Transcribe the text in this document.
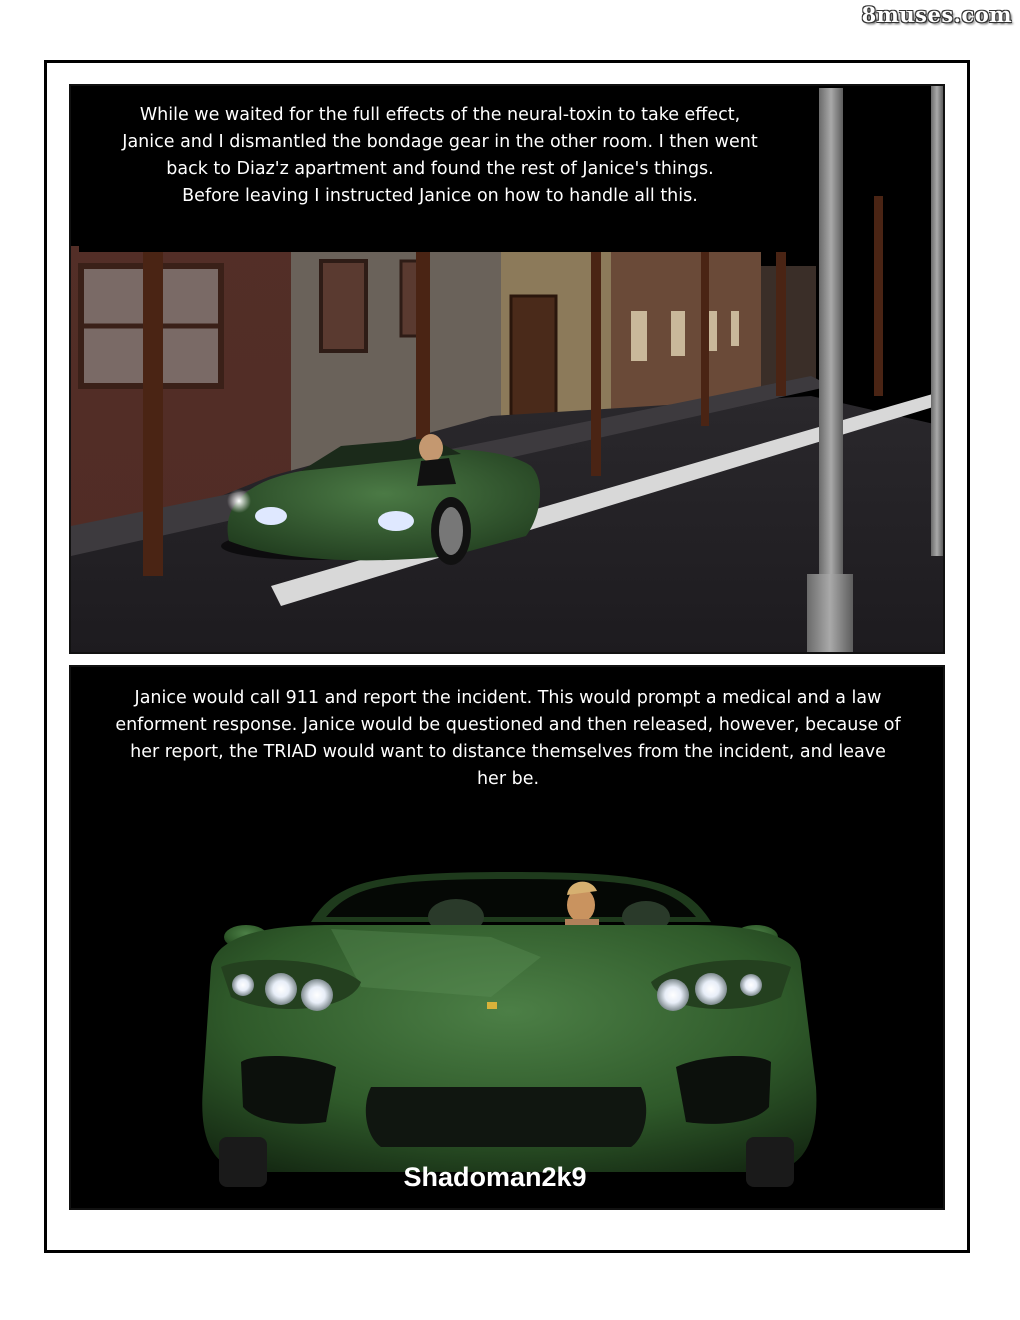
8muses.com

While we waited for the full effects of the neural-toxin to take effect,
Janice and I dismantled the bondage gear in the other room. I then went
back to Diaz'z apartment and found the rest of Janice's things.
Before leaving I instructed Janice on how to handle all this.

Janice would call 911 and report the incident. This would prompt a medical and a law
enforment response. Janice would be questioned and then released, however, because of
her report, the TRIAD would want to distance themselves from the incident, and leave
her be.

Shadoman2k9
